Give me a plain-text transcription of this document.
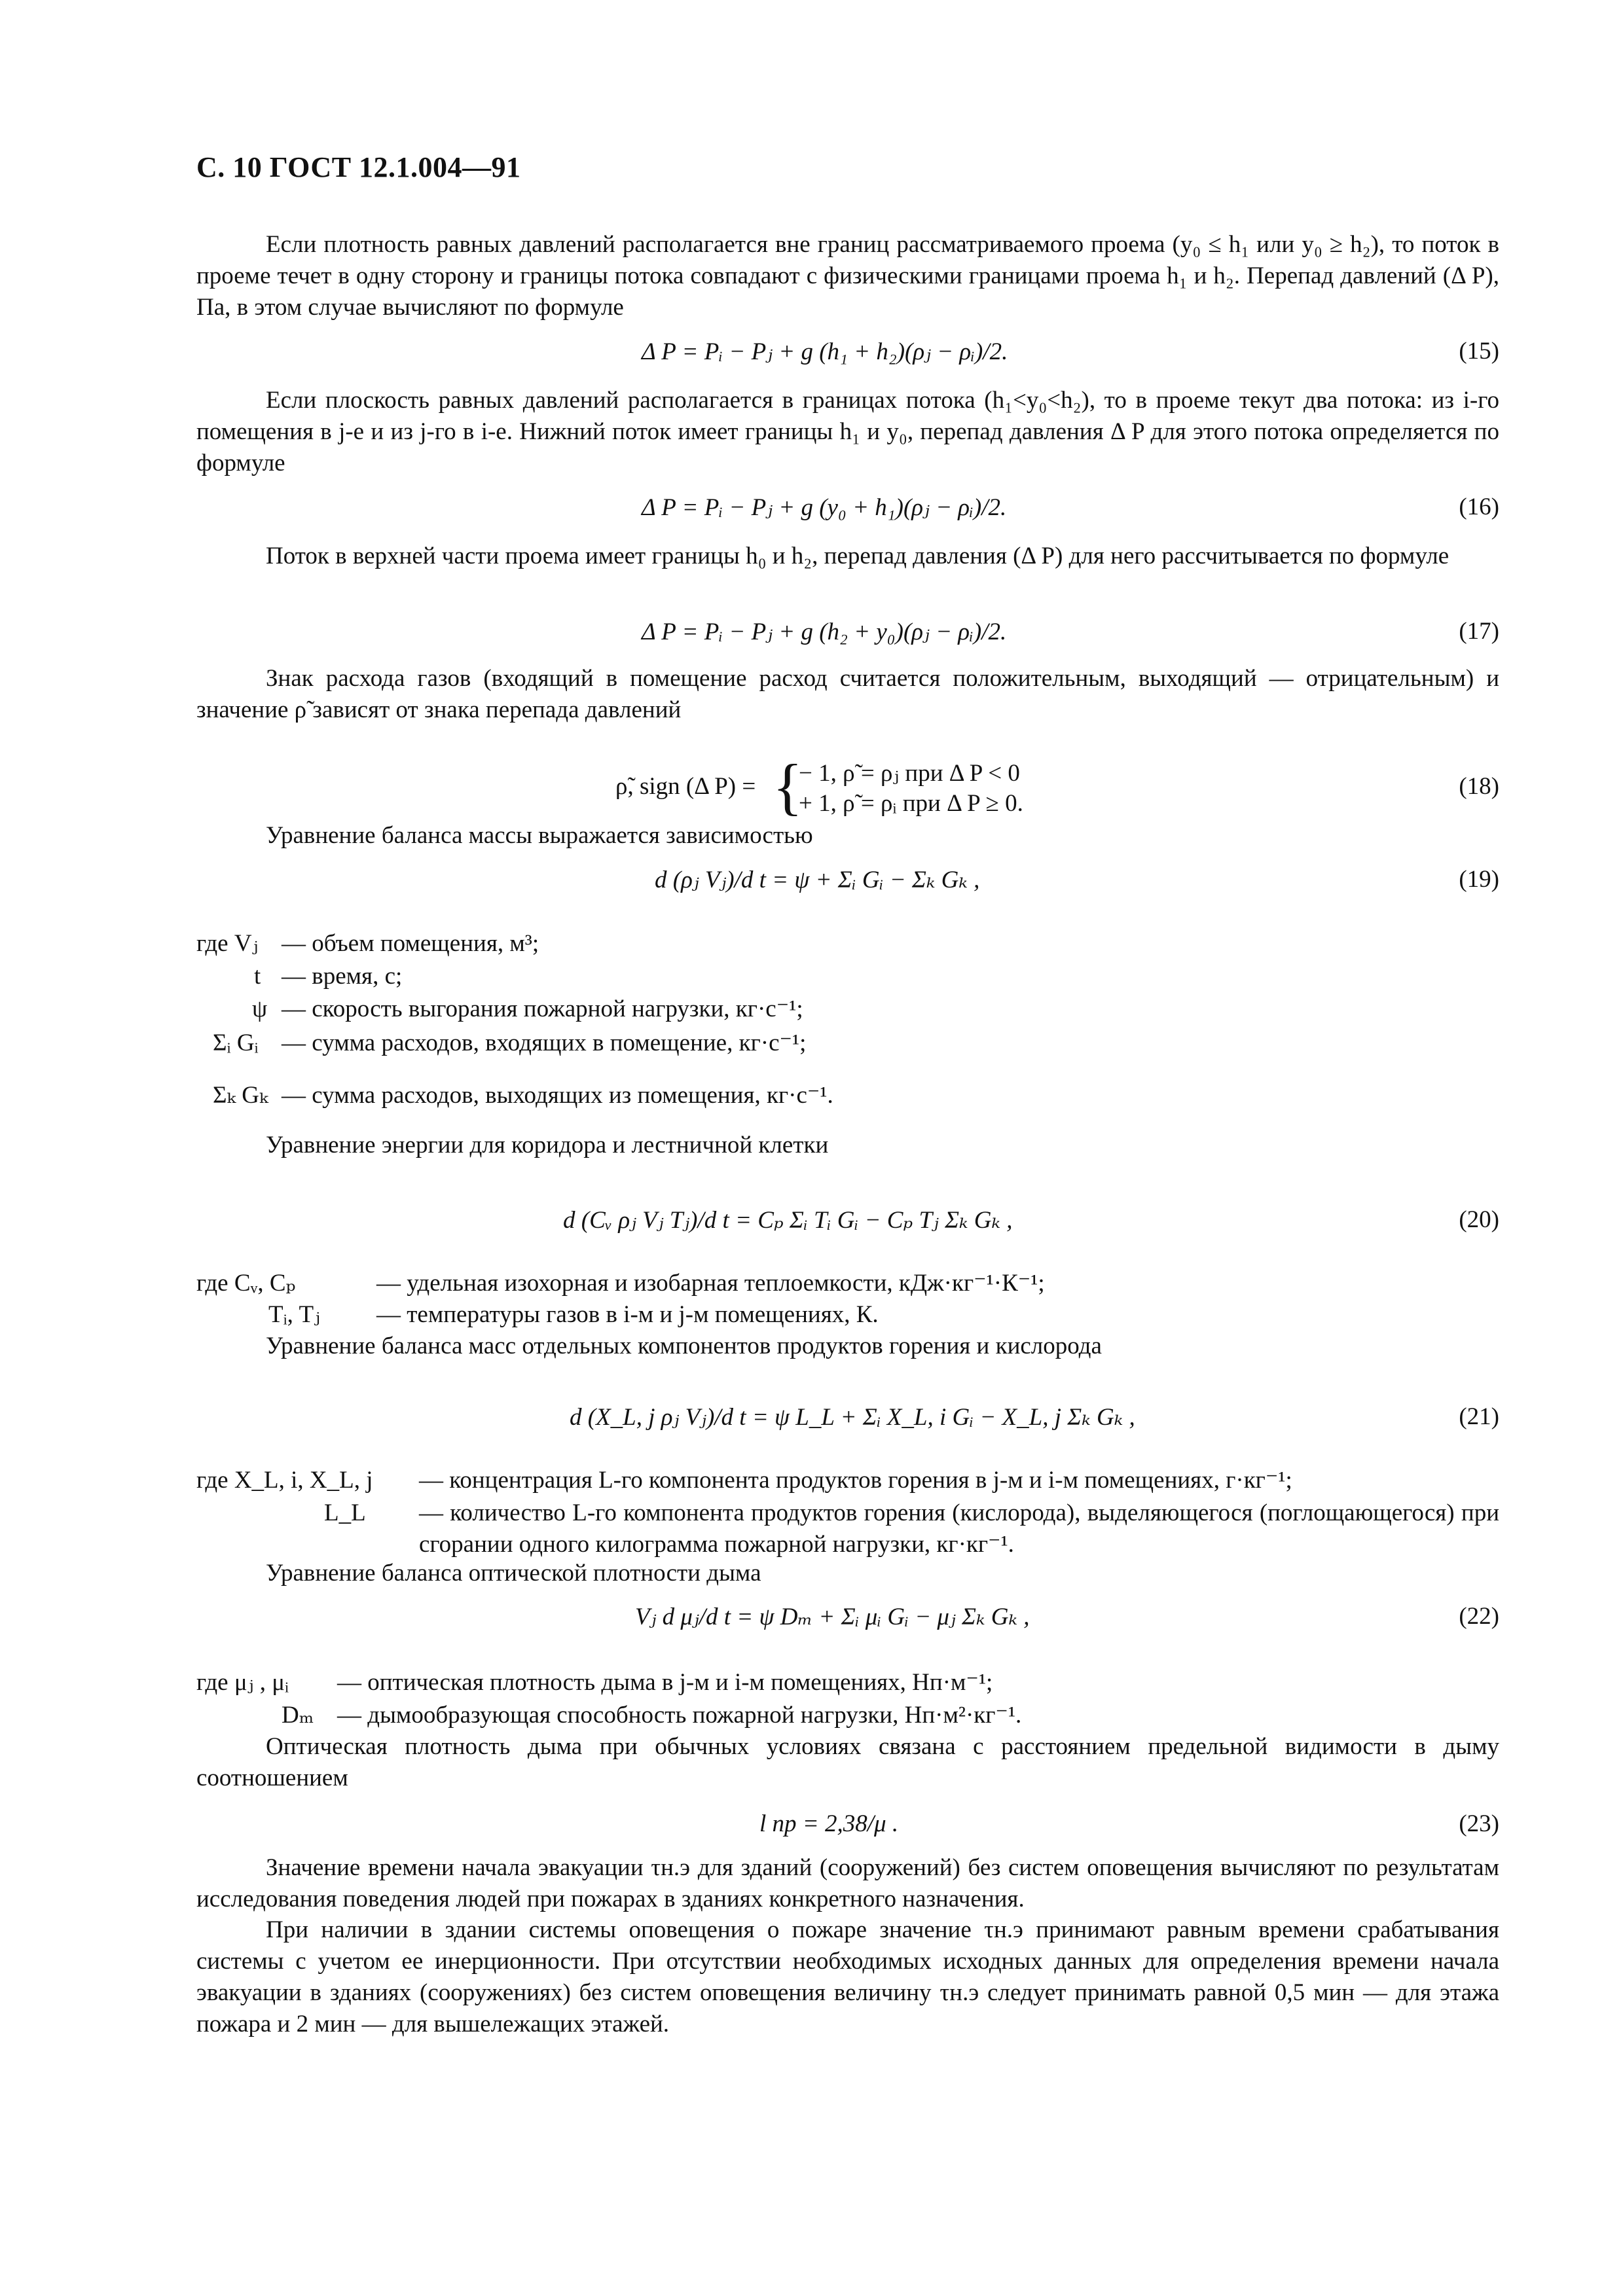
С. 10 ГОСТ 12.1.004—91
Если плотность равных давлений располагается вне границ рассматриваемого проема (y₀ ≤ h₁ или y₀ ≥ h₂), то поток в проеме течет в одну сторону и границы потока совпадают с физическими границами проема h₁ и h₂. Перепад давлений (Δ P), Па, в этом случае вычисляют по формуле
Δ P = Pᵢ − Pⱼ + g (h₁ + h₂)(ρⱼ − ρᵢ)/2.	(15)
Если плоскость равных давлений располагается в границах потока (h₁<y₀<h₂), то в проеме текут два потока: из i-го помещения в j-е и из j-го в i-е. Нижний поток имеет границы h₁ и y₀, перепад давления Δ P для этого потока определяется по формуле
Δ P = Pᵢ − Pⱼ + g (y₀ + h₁)(ρⱼ − ρᵢ)/2.	(16)
Поток в верхней части проема имеет границы h₀ и h₂, перепад давления (Δ P) для него рассчитывается по формуле
Δ P = Pᵢ − Pⱼ + g (h₂ + y₀)(ρⱼ − ρᵢ)/2.	(17)
Знак расхода газов (входящий в помещение расход считается положительным, выходящий — отрицательным) и значение ρ̃ зависят от знака перепада давлений
ρ̃, sign (Δ P) = {
− 1, ρ̃ = ρⱼ при Δ P < 0
+ 1, ρ̃ = ρᵢ при Δ P ≥ 0.
(18)
Уравнение баланса массы выражается зависимостью
d (ρⱼ Vⱼ)/d t = ψ + Σᵢ Gᵢ − Σₖ Gₖ ,	(19)
где Vⱼ — объем помещения, м³;
t — время, с;
ψ — скорость выгорания пожарной нагрузки, кг·с⁻¹;
Σᵢ Gᵢ — сумма расходов, входящих в помещение, кг·с⁻¹;
Σₖ Gₖ — сумма расходов, выходящих из помещения, кг·с⁻¹.
Уравнение энергии для коридора и лестничной клетки
d (Cᵥ ρⱼ Vⱼ Tⱼ)/d t = Cₚ Σᵢ Tᵢ Gᵢ − Cₚ Tⱼ Σₖ Gₖ ,	(20)
где Cᵥ, Cₚ	— удельная изохорная и изобарная теплоемкости, кДж·кг⁻¹·К⁻¹;
Tᵢ, Tⱼ — температуры газов в i-м и j-м помещениях, К.
Уравнение баланса масс отдельных компонентов продуктов горения и кислорода
d (X_L, j ρⱼ Vⱼ)/d t = ψ L_L + Σᵢ X_L, i Gᵢ − X_L, j Σₖ Gₖ ,	(21)
где X_L, i, X_L, j — концентрация L-го компонента продуктов горения в j-м и i-м помещениях, г·кг⁻¹;
L_L — количество L-го компонента продуктов горения (кислорода), выделяющегося (поглощающегося) при сгорании одного килограмма пожарной нагрузки, кг·кг⁻¹.
Уравнение баланса оптической плотности дыма
Vⱼ d μⱼ/d t = ψ Dₘ + Σᵢ μᵢ Gᵢ − μⱼ Σₖ Gₖ ,	(22)
где μⱼ , μᵢ — оптическая плотность дыма в j-м и i-м помещениях, Нп·м⁻¹;
Dₘ — дымообразующая способность пожарной нагрузки, Нп·м²·кг⁻¹.
Оптическая плотность дыма при обычных условиях связана с расстоянием предельной видимости в дыму соотношением
l пр = 2,38/μ .	(23)
Значение времени начала эвакуации τн.э для зданий (сооружений) без систем оповещения вычисляют по результатам исследования поведения людей при пожарах в зданиях конкретного назначения.
При наличии в здании системы оповещения о пожаре значение τн.э принимают равным времени срабатывания системы с учетом ее инерционности. При отсутствии необходимых исходных данных для определения времени начала эвакуации в зданиях (сооружениях) без систем оповещения величину τн.э следует принимать равной 0,5 мин — для этажа пожара и 2 мин — для вышележащих этажей.
